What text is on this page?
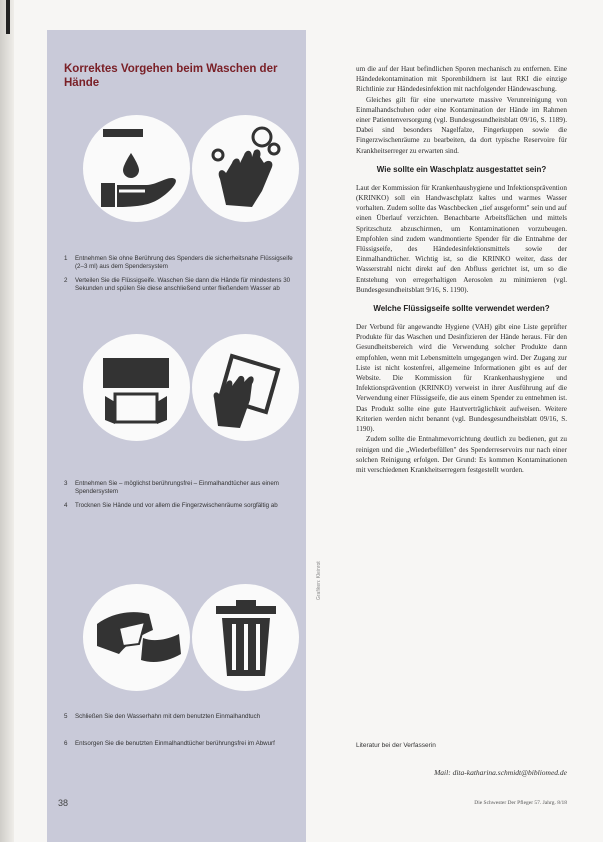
Korrektes Vorgehen beim Waschen der Hände
1	Entnehmen Sie ohne Berührung des Spenders die sicherheitsnahe Flüssigseife (2–3 ml) aus dem Spendersystem
2	Verteilen Sie die Flüssigseife. Waschen Sie dann die Hände für mindestens 30 Sekunden und spülen Sie diese anschließend unter fließendem Wasser ab
3	Entnehmen Sie – möglichst berührungsfrei – Einmalhandtücher aus einem Spendersystem
4	Trocknen Sie Hände und vor allem die Fingerzwischenräume sorgfältig ab
5	Schließen Sie den Wasserhahn mit dem benutzten Einmalhandtuch
6	Entsorgen Sie die benutzten Einmalhandtücher berührungsfrei im Abwurf
Grafiken: Kleinrot
38

um die auf der Haut befindlichen Sporen mechanisch zu entfernen. Eine Händedekontamination mit Sporenbildnern ist laut RKI die einzige Richtlinie zur Händedesinfektion mit nachfolgender Händewaschung.

Gleiches gilt für eine unerwartete massive Verunreinigung von Einmalhandschuhen oder eine Kontamination der Hände im Rahmen einer Patientenversorgung (vgl. Bundesgesundheitsblatt 09/16, S. 1189). Dabei sind besonders Nagelfalze, Fingerkuppen sowie die Fingerzwischenräume zu bearbeiten, da dort typische Reservoire für Krankheitserreger zu erwarten sind.

Wie sollte ein Waschplatz ausgestattet sein?

Laut der Kommission für Krankenhaushygiene und Infektionsprävention (KRINKO) soll ein Handwaschplatz kaltes und warmes Wasser vorhalten. Zudem sollte das Waschbecken „tief ausgeformt" sein und auf einen Überlauf verzichten. Benachbarte Arbeitsflächen und mittels Spritzschutz abzuschirmen, um Kontaminationen vorzubeugen. Empfohlen sind zudem wandmontierte Spender für die Entnahme der Flüssigseife, des Händedesinfektionsmittels sowie der Einmalhandtücher. Wichtig ist, so die KRINKO weiter, dass der Wasserstrahl nicht direkt auf den Abfluss gerichtet ist, um so die Entstehung von erregerhaltigen Aerosolen zu minimieren (vgl. Bundesgesundheitsblatt 9/16, S. 1190).

Welche Flüssigseife sollte verwendet werden?

Der Verbund für angewandte Hygiene (VAH) gibt eine Liste geprüfter Produkte für das Waschen und Desinfizieren der Hände heraus. Für den Gesundheitsbereich wird die Verwendung solcher Produkte dann empfohlen, wenn mit Lebensmitteln umgegangen wird. Der Zugang zur Liste ist nicht kostenfrei, allgemeine Informationen gibt es auf der Website. Die Kommission für Krankenhaushygiene und Infektionsprävention (KRINKO) verweist in ihrer Ausführung auf die Verwendung einer Flüssigseife, die aus einem Spender zu entnehmen ist. Das Produkt sollte eine gute Hautverträglichkeit aufweisen. Weitere Kriterien werden nicht benannt (vgl. Bundesgesundheitsblatt 09/16, S. 1190).

Zudem sollte die Entnahmevorrichtung deutlich zu bedienen, gut zu reinigen und die „Wiederbefüllen" des Spenderreservoirs nur nach einer solchen Reinigung erfolgen. Der Grund: Es kommen Kontaminationen mit verschiedenen Krankheitserregern festgestellt worden.

Literatur bei der Verfasserin
Mail: dita-katharina.schmidt@bibliomed.de
Die Schwester Der Pfleger 57. Jahrg. 8/18
